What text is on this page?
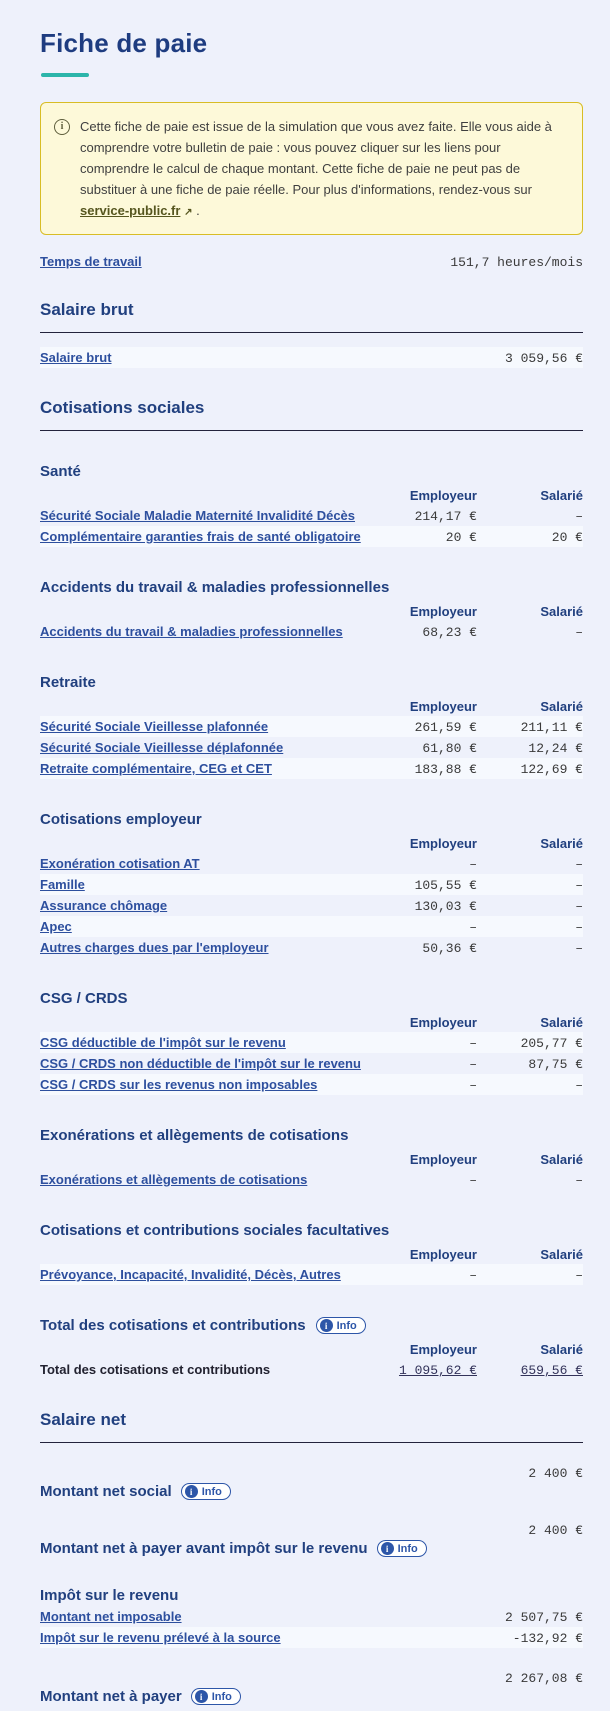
Fiche de paie
i	Cette fiche de paie est issue de la simulation que vous avez faite. Elle vous aide à comprendre votre bulletin de paie : vous pouvez cliquer sur les liens pour comprendre le calcul de chaque montant. Cette fiche de paie ne peut pas de substituer à une fiche de paie réelle. Pour plus d'informations, rendez-vous sur service-public.fr ↗ .

Temps de travail	151,7 heures/mois
Salaire brut
Salaire brut	3 059,56 €
Cotisations sociales
Santé
Employeur	Salarié
Sécurité Sociale Maladie Maternité Invalidité Décès	214,17 €	–
Complémentaire garanties frais de santé obligatoire	20 €	20 €
Accidents du travail & maladies professionnelles
Employeur	Salarié
Accidents du travail & maladies professionnelles	68,23 €	–
Retraite
Employeur	Salarié
Sécurité Sociale Vieillesse plafonnée	261,59 €	211,11 €
Sécurité Sociale Vieillesse déplafonnée	61,80 €	12,24 €
Retraite complémentaire, CEG et CET	183,88 €	122,69 €
Cotisations employeur
Employeur	Salarié
Exonération cotisation AT	–	–
Famille	105,55 €	–
Assurance chômage	130,03 €	–
Apec	–	–
Autres charges dues par l'employeur	50,36 €	–
CSG / CRDS
Employeur	Salarié
CSG déductible de l'impôt sur le revenu	–	205,77 €
CSG / CRDS non déductible de l'impôt sur le revenu	–	87,75 €
CSG / CRDS sur les revenus non imposables	–	–
Exonérations et allègements de cotisations
Employeur	Salarié
Exonérations et allègements de cotisations	–	–
Cotisations et contributions sociales facultatives
Employeur	Salarié
Prévoyance, Incapacité, Invalidité, Décès, Autres	–	–
Total des cotisations et contributions	i Info
Employeur	Salarié
Total des cotisations et contributions	1 095,62 €	659,56 €
Salaire net
2 400 €
Montant net social	i Info
2 400 €
Montant net à payer avant impôt sur le revenu	i Info
Impôt sur le revenu
Montant net imposable	2 507,75 €
Impôt sur le revenu prélevé à la source	-132,92 €
2 267,08 €
Montant net à payer	i Info
